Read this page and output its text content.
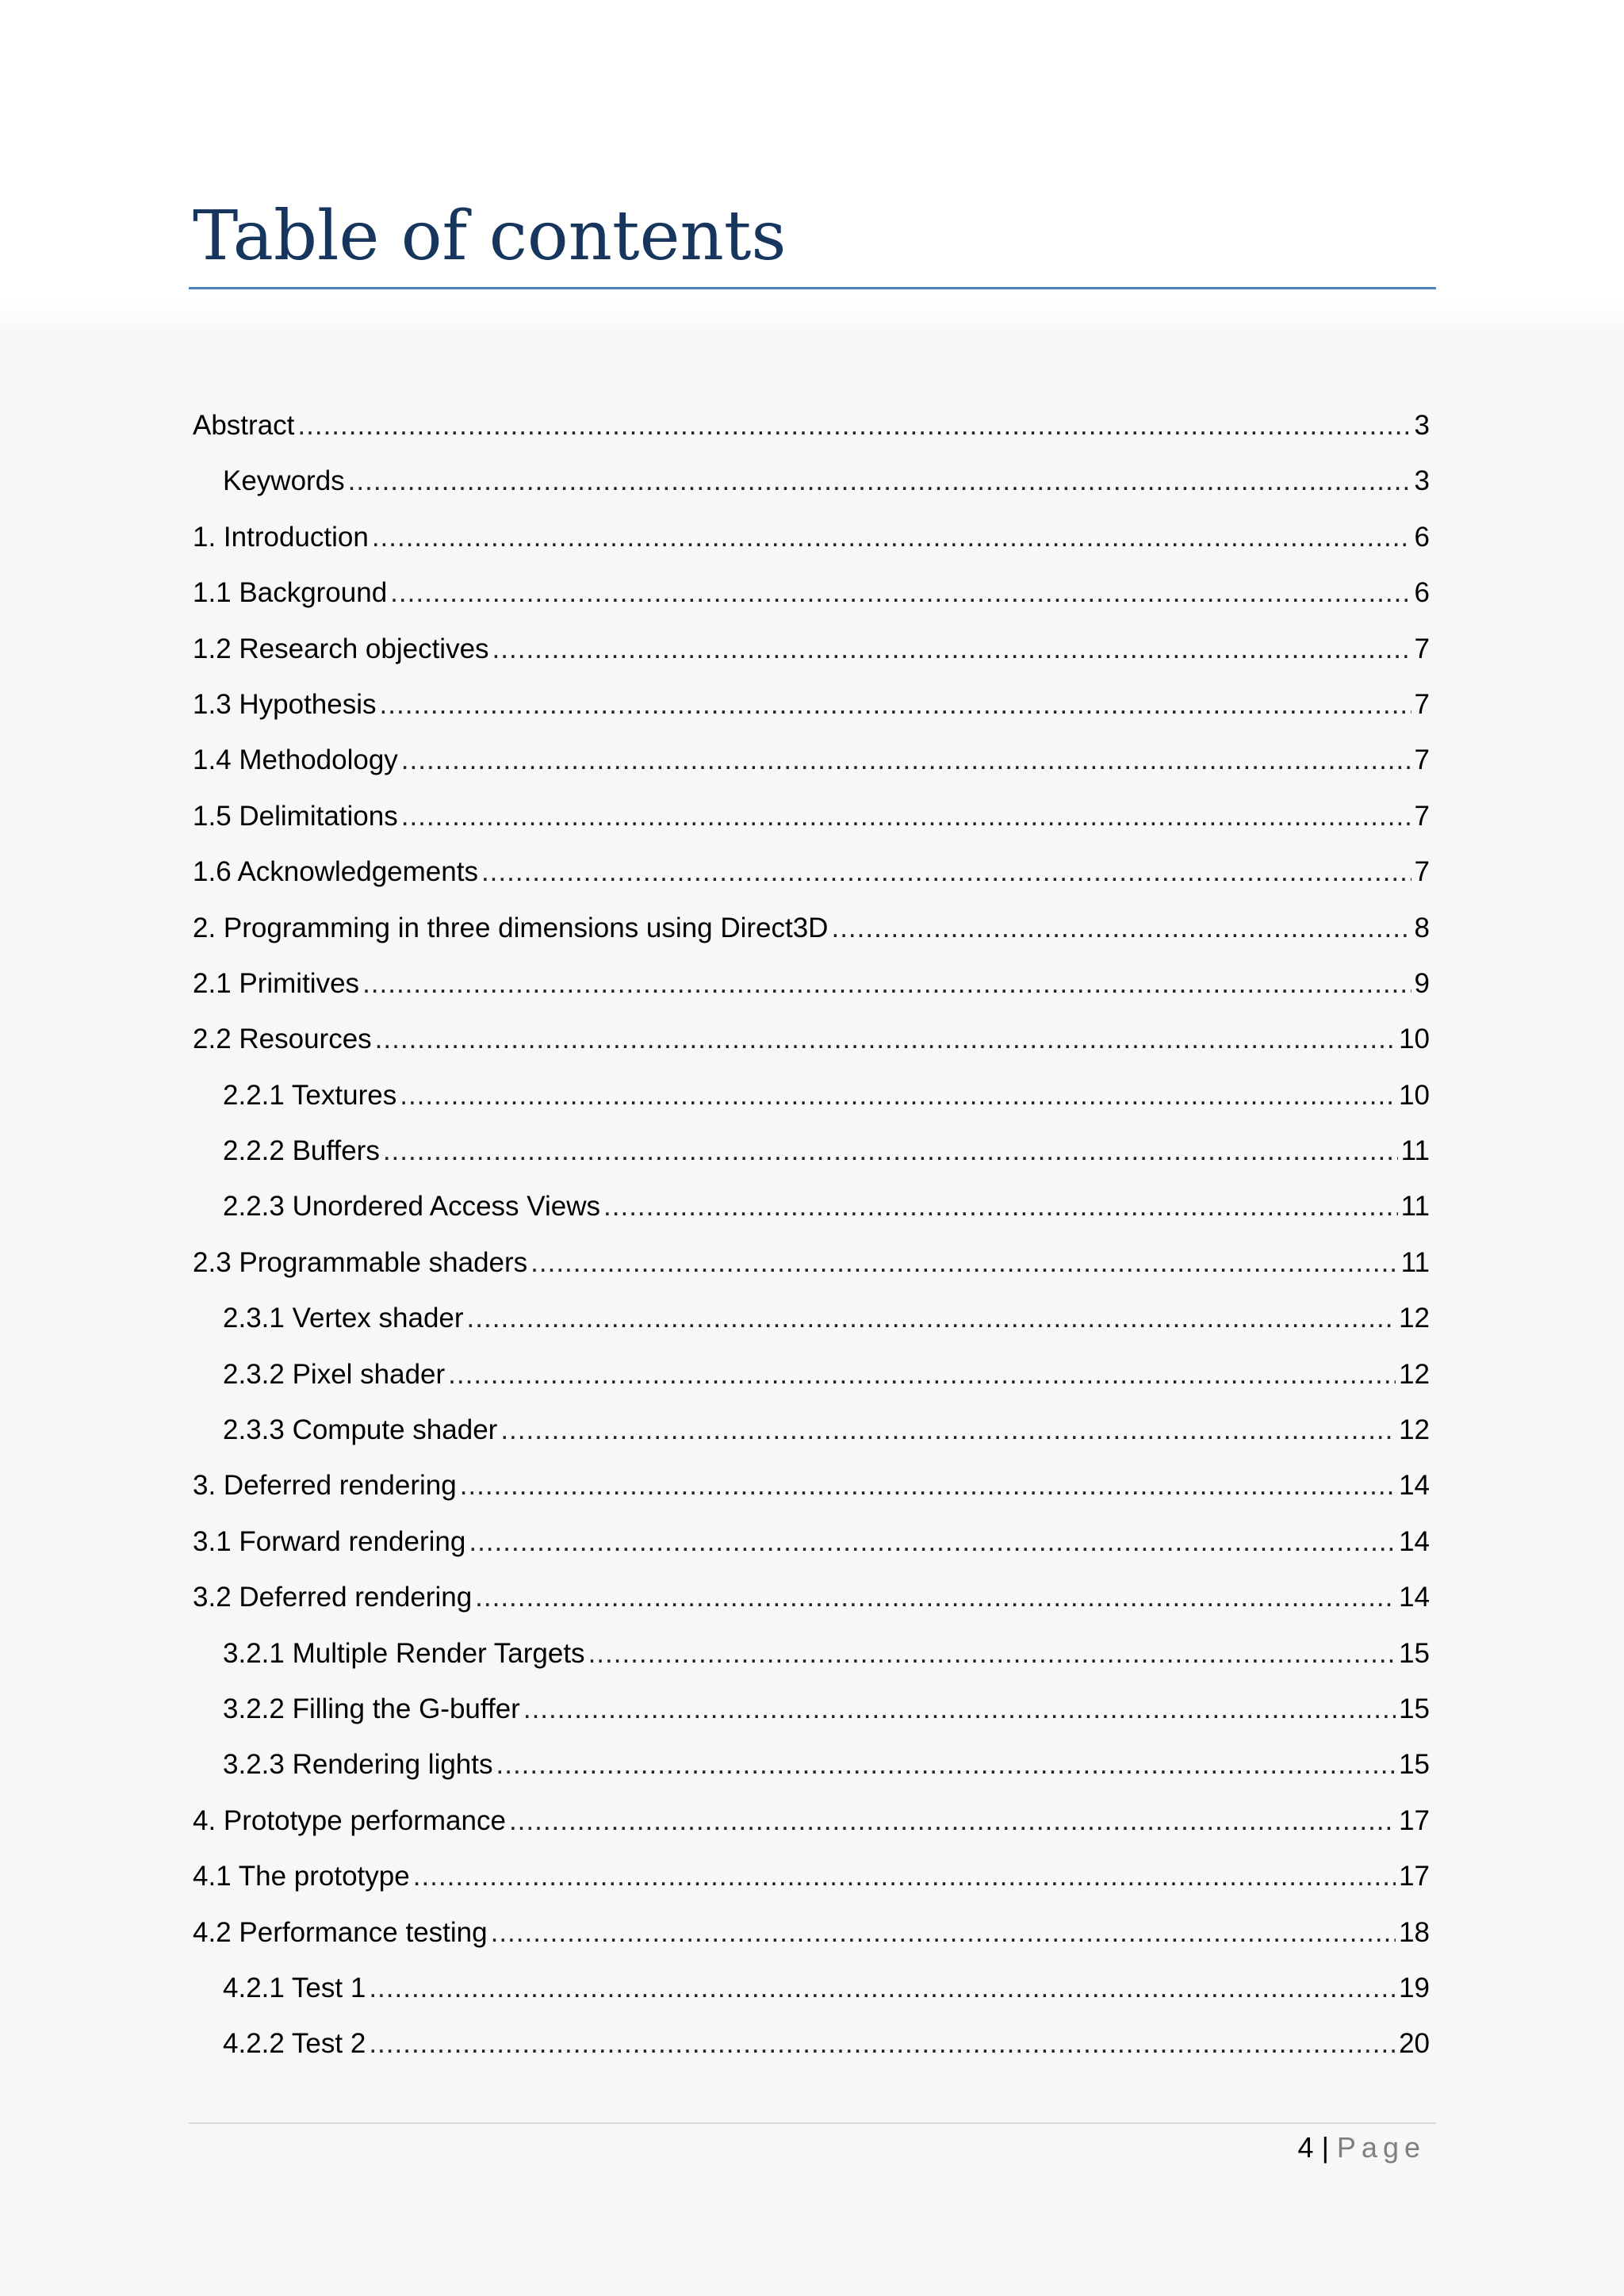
Table of contents
Abstract .....	3
Keywords .....	3
1. Introduction .....	6
1.1 Background .....	6
1.2 Research objectives .....	7
1.3 Hypothesis .....	7
1.4 Methodology .....	7
1.5 Delimitations .....	7
1.6 Acknowledgements .....	7
2. Programming in three dimensions using Direct3D .....	8
2.1 Primitives .....	9
2.2 Resources .....	10
2.2.1 Textures .....	10
2.2.2 Buffers .....	11
2.2.3 Unordered Access Views .....	11
2.3 Programmable shaders .....	11
2.3.1 Vertex shader .....	12
2.3.2 Pixel shader .....	12
2.3.3 Compute shader .....	12
3. Deferred rendering .....	14
3.1 Forward rendering .....	14
3.2 Deferred rendering .....	14
3.2.1 Multiple Render Targets .....	15
3.2.2 Filling the G-buffer .....	15
3.2.3 Rendering lights .....	15
4. Prototype performance .....	17
4.1 The prototype .....	17
4.2 Performance testing .....	18
4.2.1 Test 1 .....	19
4.2.2 Test 2 .....	20
4 | Page
